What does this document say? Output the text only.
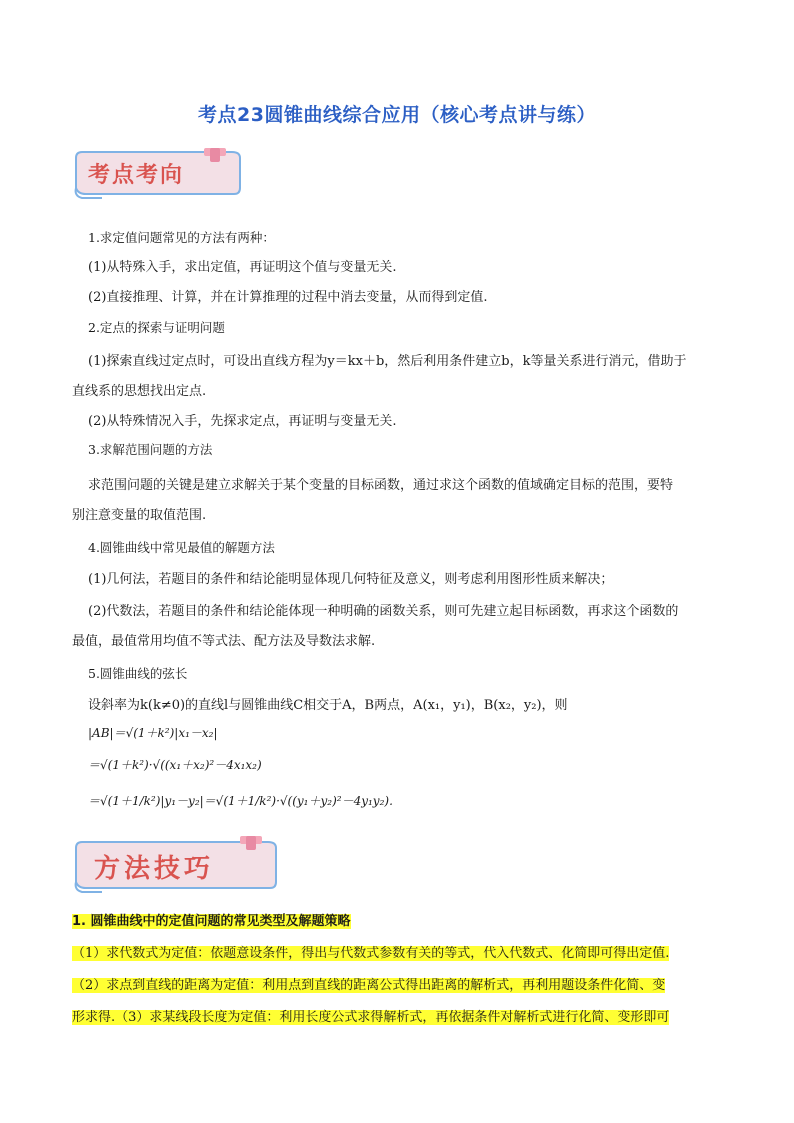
考点23圆锥曲线综合应用（核心考点讲与练）
考点考向
1.求定值问题常见的方法有两种：
(1)从特殊入手，求出定值，再证明这个值与变量无关.
(2)直接推理、计算，并在计算推理的过程中消去变量，从而得到定值.
2.定点的探索与证明问题
(1)探索直线过定点时，可设出直线方程为y＝kx＋b，然后利用条件建立b，k等量关系进行消元，借助于
直线系的思想找出定点.
(2)从特殊情况入手，先探求定点，再证明与变量无关.
3.求解范围问题的方法
求范围问题的关键是建立求解关于某个变量的目标函数，通过求这个函数的值域确定目标的范围，要特
别注意变量的取值范围.
4.圆锥曲线中常见最值的解题方法
(1)几何法，若题目的条件和结论能明显体现几何特征及意义，则考虑利用图形性质来解决；
(2)代数法，若题目的条件和结论能体现一种明确的函数关系，则可先建立起目标函数，再求这个函数的
最值，最值常用均值不等式法、配方法及导数法求解.
5.圆锥曲线的弦长
设斜率为k(k≠0)的直线l与圆锥曲线C相交于A，B两点，A(x₁，y₁)，B(x₂，y₂)，则
|AB|＝√(1＋k²)|x₁－x₂|
＝√(1＋k²)·√((x₁＋x₂)²－4x₁x₂)
＝√(1＋1/k²)|y₁－y₂|＝√(1＋1/k²)·√((y₁＋y₂)²－4y₁y₂).
方法技巧
1. 圆锥曲线中的定值问题的常见类型及解题策略
（1）求代数式为定值：依题意设条件，得出与代数式参数有关的等式，代入代数式、化简即可得出定值.
（2）求点到直线的距离为定值：利用点到直线的距离公式得出距离的解析式，再利用题设条件化简、变
形求得.（3）求某线段长度为定值：利用长度公式求得解析式，再依据条件对解析式进行化简、变形即可
